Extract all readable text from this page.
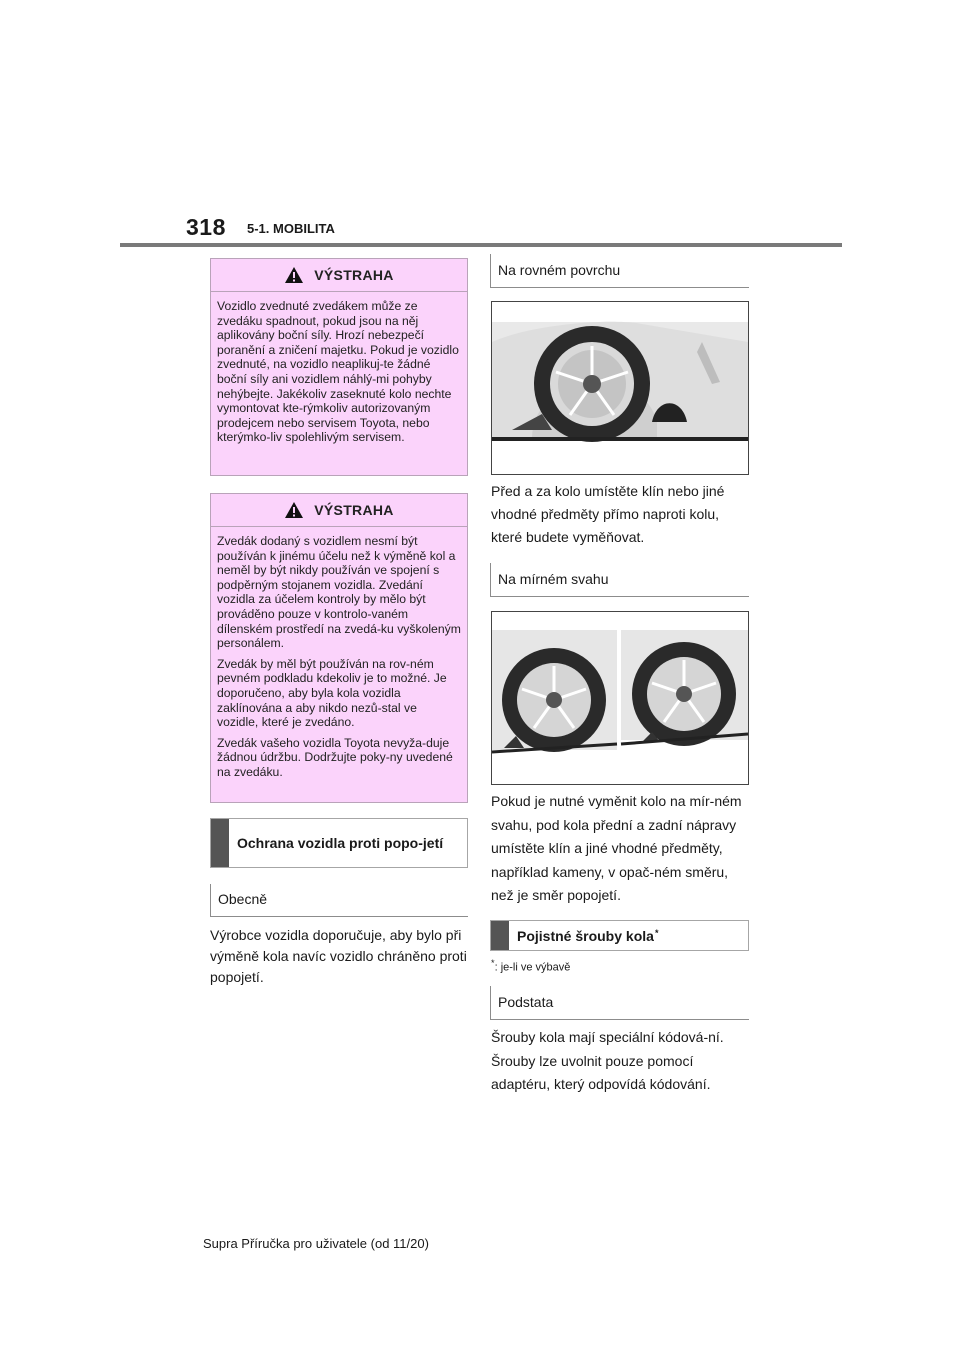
318 5-1. MOBILITA
VÝSTRAHA

Vozidlo zvednuté zvedákem může ze zvedáku spadnout, pokud jsou na něj aplikovány boční síly. Hrozí nebezpečí poranění a zničení majetku. Pokud je vozidlo zvednuté, na vozidlo neaplikuj-te žádné boční síly ani vozidlem náhlý-mi pohyby nehýbejte. Jakékoliv zaseknuté kolo nechte vymontovat kte-rýmkoliv autorizovaným prodejcem nebo servisem Toyota, nebo kterýmko-liv spolehlivým servisem.

VÝSTRAHA

Zvedák dodaný s vozidlem nesmí být používán k jinému účelu než k výměně kol a neměl by být nikdy používán ve spojení s podpěrným stojanem vozidla. Zvedání vozidla za účelem kontroly by mělo být prováděno pouze v kontrolo-vaném dílenském prostředí na zvedá-ku vyškoleným personálem.

Zvedák by měl být používán na rov-ném pevném podkladu kdekoliv je to možné. Je doporučeno, aby byla kola vozidla zaklínována a aby nikdo nezů-stal ve vozidle, které je zvedáno.

Zvedák vašeho vozidla Toyota nevyža-duje žádnou údržbu. Dodržujte poky-ny uvedené na zvedáku.

Ochrana vozidla proti popo-jetí
Obecně
Výrobce vozidla doporučuje, aby bylo při výměně kola navíc vozidlo chráněno proti popojetí.
Na rovném povrchu
Před a za kolo umístěte klín nebo jiné vhodné předměty přímo naproti kolu, které budete vyměňovat.
Na mírném svahu
Pokud je nutné vyměnit kolo na mír-ném svahu, pod kola přední a zadní nápravy umístěte klín a jiné vhodné předměty, například kameny, v opač-ném směru, než je směr popojetí.
Pojistné šrouby kola *
*: je-li ve výbavě
Podstata
Šrouby kola mají speciální kódová-ní. Šrouby lze uvolnit pouze pomocí adaptéru, který odpovídá kódování.
Supra Příručka pro uživatele (od 11/20)
